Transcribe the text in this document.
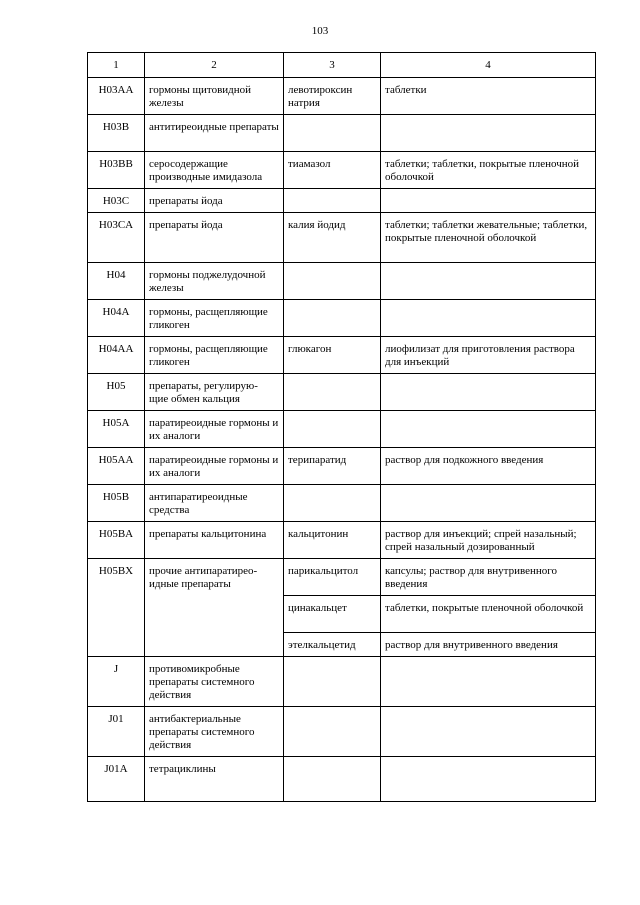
103
1	2	3	4
H03AA	гормоны щитовидной железы	левотироксин натрия	таблетки
H03B	антитиреоидные препараты		
H03BB	серосодержащие производные имидазола	тиамазол	таблетки; таблетки, покрытые пленочной оболочкой
H03C	препараты йода		
H03CA	препараты йода	калия йодид	таблетки; таблетки жевательные; таблетки, покрытые пленочной оболочкой
H04	гормоны поджелудочной железы		
H04A	гормоны, расщепляющие гликоген		
H04AA	гормоны, расщепляющие гликоген	глюкагон	лиофилизат для приготовления раствора для инъекций
H05	препараты, регулирую- щие обмен кальция		
H05A	паратиреоидные гормоны и их аналоги		
H05AA	паратиреоидные гормоны и их аналоги	терипаратид	раствор для подкожного введения
H05B	антипаратиреоидные средства		
H05BA	препараты кальцитонина	кальцитонин	раствор для инъекций; спрей назальный; спрей назальный дозированный
H05BX	прочие антипаратирео- идные препараты	парикальцитол	капсулы; раствор для внутривенного введения
		цинакальцет	таблетки, покрытые пленочной оболочкой
		этелкальцетид	раствор для внутривенного введения
J	противомикробные препараты системного действия		
J01	антибактериальные препараты системного действия		
J01A	тетрациклины		
